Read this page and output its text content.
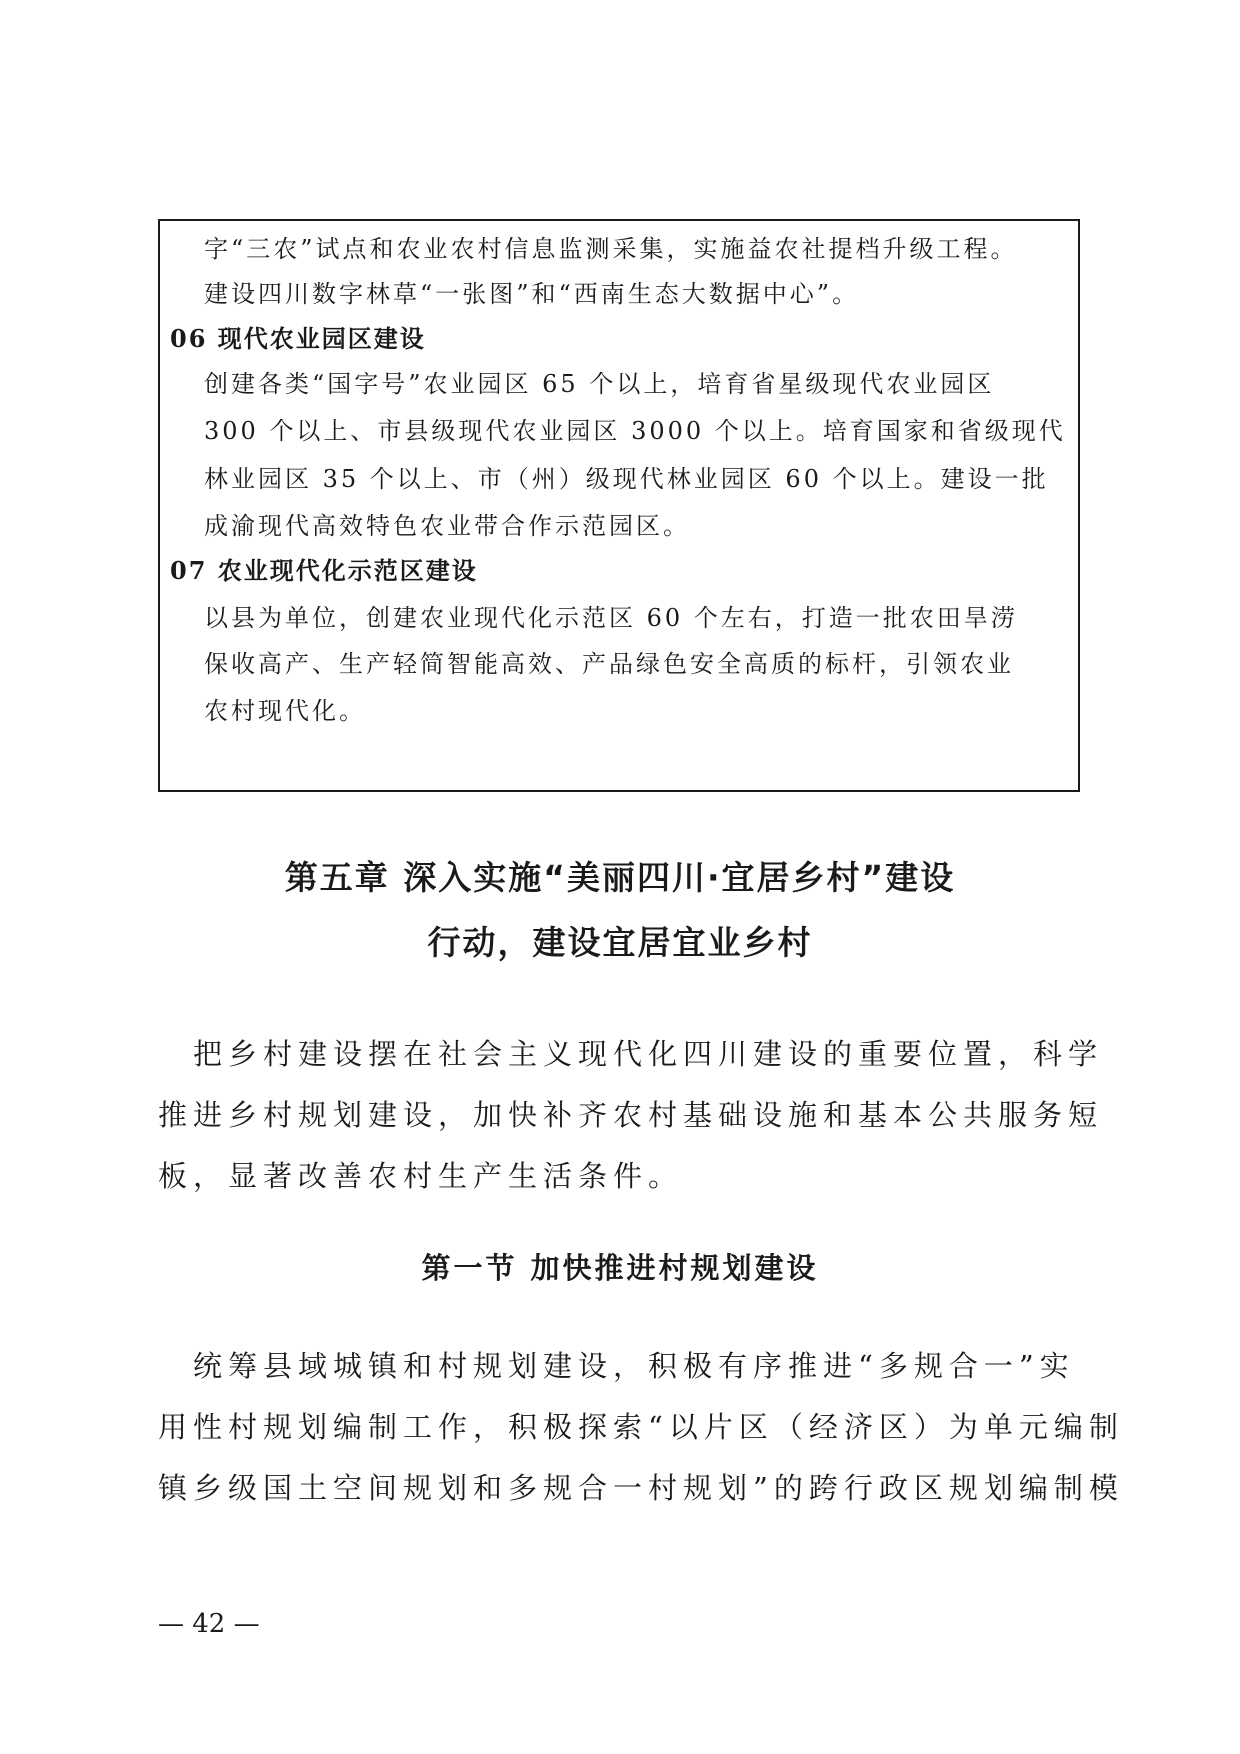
字“三农”试点和农业农村信息监测采集，实施益农社提档升级工程。
建设四川数字林草“一张图”和“西南生态大数据中心”。
06 现代农业园区建设
创建各类“国字号”农业园区 65 个以上，培育省星级现代农业园区
300 个以上、市县级现代农业园区 3000 个以上。培育国家和省级现代
林业园区 35 个以上、市（州）级现代林业园区 60 个以上。建设一批
成渝现代高效特色农业带合作示范园区。
07 农业现代化示范区建设
以县为单位，创建农业现代化示范区 60 个左右，打造一批农田旱涝
保收高产、生产轻简智能高效、产品绿色安全高质的标杆，引领农业
农村现代化。
第五章 深入实施“美丽四川·宜居乡村”建设
行动，建设宜居宜业乡村
　把乡村建设摆在社会主义现代化四川建设的重要位置，科学
推进乡村规划建设，加快补齐农村基础设施和基本公共服务短
板，显著改善农村生产生活条件。
第一节 加快推进村规划建设
　统筹县域城镇和村规划建设，积极有序推进“多规合一”实
用性村规划编制工作，积极探索“以片区（经济区）为单元编制
镇乡级国土空间规划和多规合一村规划”的跨行政区规划编制模
— 42 —
